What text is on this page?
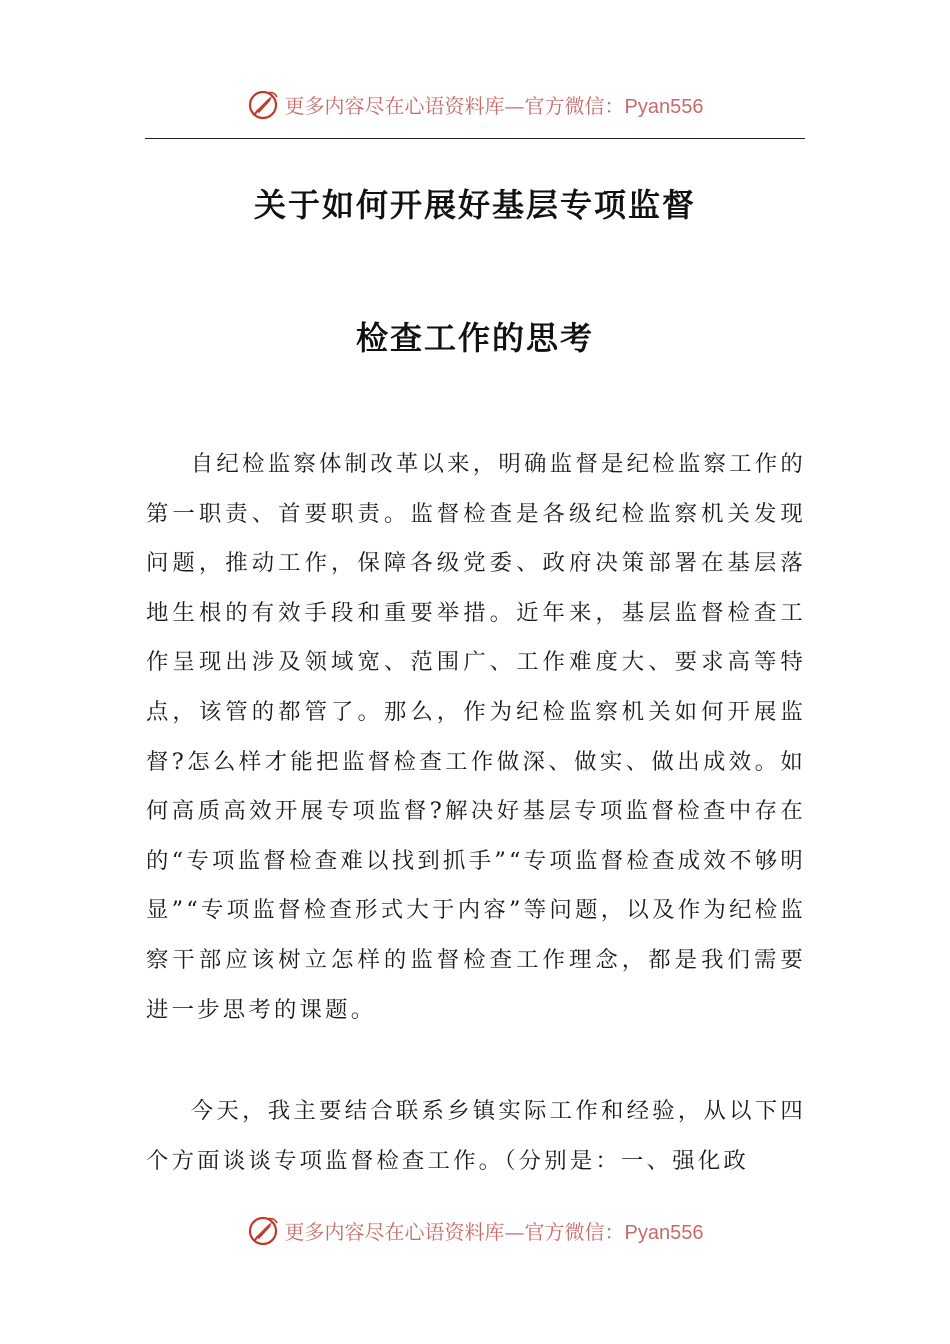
更多内容尽在心语资料库—官方微信：Pyan556
关于如何开展好基层专项监督
检查工作的思考
自纪检监察体制改革以来，明确监督是纪检监察工作的第一职责、首要职责。监督检查是各级纪检监察机关发现问题，推动工作，保障各级党委、政府决策部署在基层落地生根的有效手段和重要举措。近年来，基层监督检查工作呈现出涉及领域宽、范围广、工作难度大、要求高等特点，该管的都管了。那么，作为纪检监察机关如何开展监督?怎么样才能把监督检查工作做深、做实、做出成效。如何高质高效开展专项监督?解决好基层专项监督检查中存在的“专项监督检查难以找到抓手”“专项监督检查成效不够明显”“专项监督检查形式大于内容”等问题，以及作为纪检监察干部应该树立怎样的监督检查工作理念，都是我们需要进一步思考的课题。
今天，我主要结合联系乡镇实际工作和经验，从以下四个方面谈谈专项监督检查工作。（分别是：一、强化政
更多内容尽在心语资料库—官方微信：Pyan556
